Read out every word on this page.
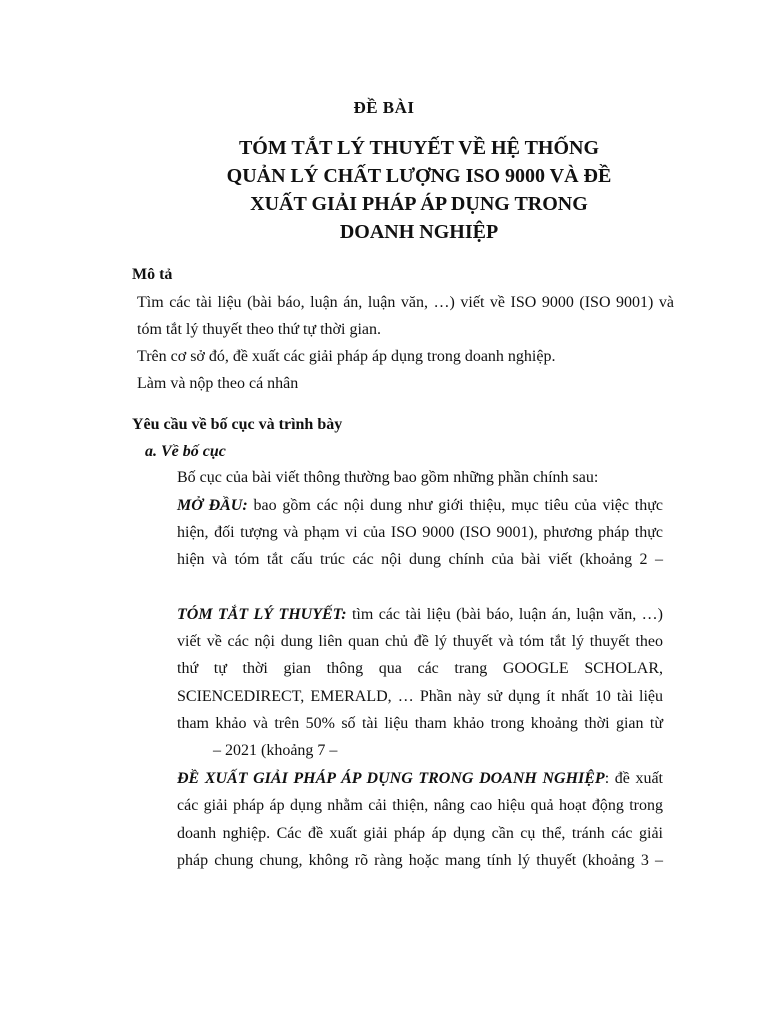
ĐỀ BÀI
TÓM TẮT LÝ THUYẾT VỀ HỆ THỐNG
QUẢN LÝ CHẤT LƯỢNG ISO 9000 VÀ ĐỀ
XUẤT GIẢI PHÁP ÁP DỤNG TRONG
DOANH NGHIỆP
Mô tả
Tìm các tài liệu (bài báo, luận án, luận văn, …) viết về ISO 9000 (ISO 9001) và
tóm tắt lý thuyết theo thứ tự thời gian.
Trên cơ sở đó, đề xuất các giải pháp áp dụng trong doanh nghiệp.
Làm và nộp theo cá nhân
Yêu cầu về bố cục và trình bày
a. Về bố cục
Bố cục của bài viết thông thường bao gồm những phần chính sau:
MỞ ĐẦU: bao gồm các nội dung như giới thiệu, mục tiêu của việc thực
hiện, đối tượng và phạm vi của ISO 9000 (ISO 9001), phương pháp thực
hiện và tóm tắt cấu trúc các nội dung chính của bài viết (khoảng 2 –
TÓM TẮT LÝ THUYẾT: tìm các tài liệu (bài báo, luận án, luận văn, …)
viết về các nội dung liên quan chủ đề lý thuyết và tóm tắt lý thuyết theo
thứ tự thời gian thông qua các trang GOOGLE SCHOLAR,
SCIENCEDIRECT, EMERALD, … Phần này sử dụng ít nhất 10 tài liệu
tham khảo và trên 50% số tài liệu tham khảo trong khoảng thời gian từ
– 2021 (khoảng 7 –
ĐỀ XUẤT GIẢI PHÁP ÁP DỤNG TRONG DOANH NGHIỆP: đề xuất
các giải pháp áp dụng nhằm cải thiện, nâng cao hiệu quả hoạt động trong
doanh nghiệp. Các đề xuất giải pháp áp dụng cần cụ thể, tránh các giải
pháp chung chung, không rõ ràng hoặc mang tính lý thuyết (khoảng 3 –
